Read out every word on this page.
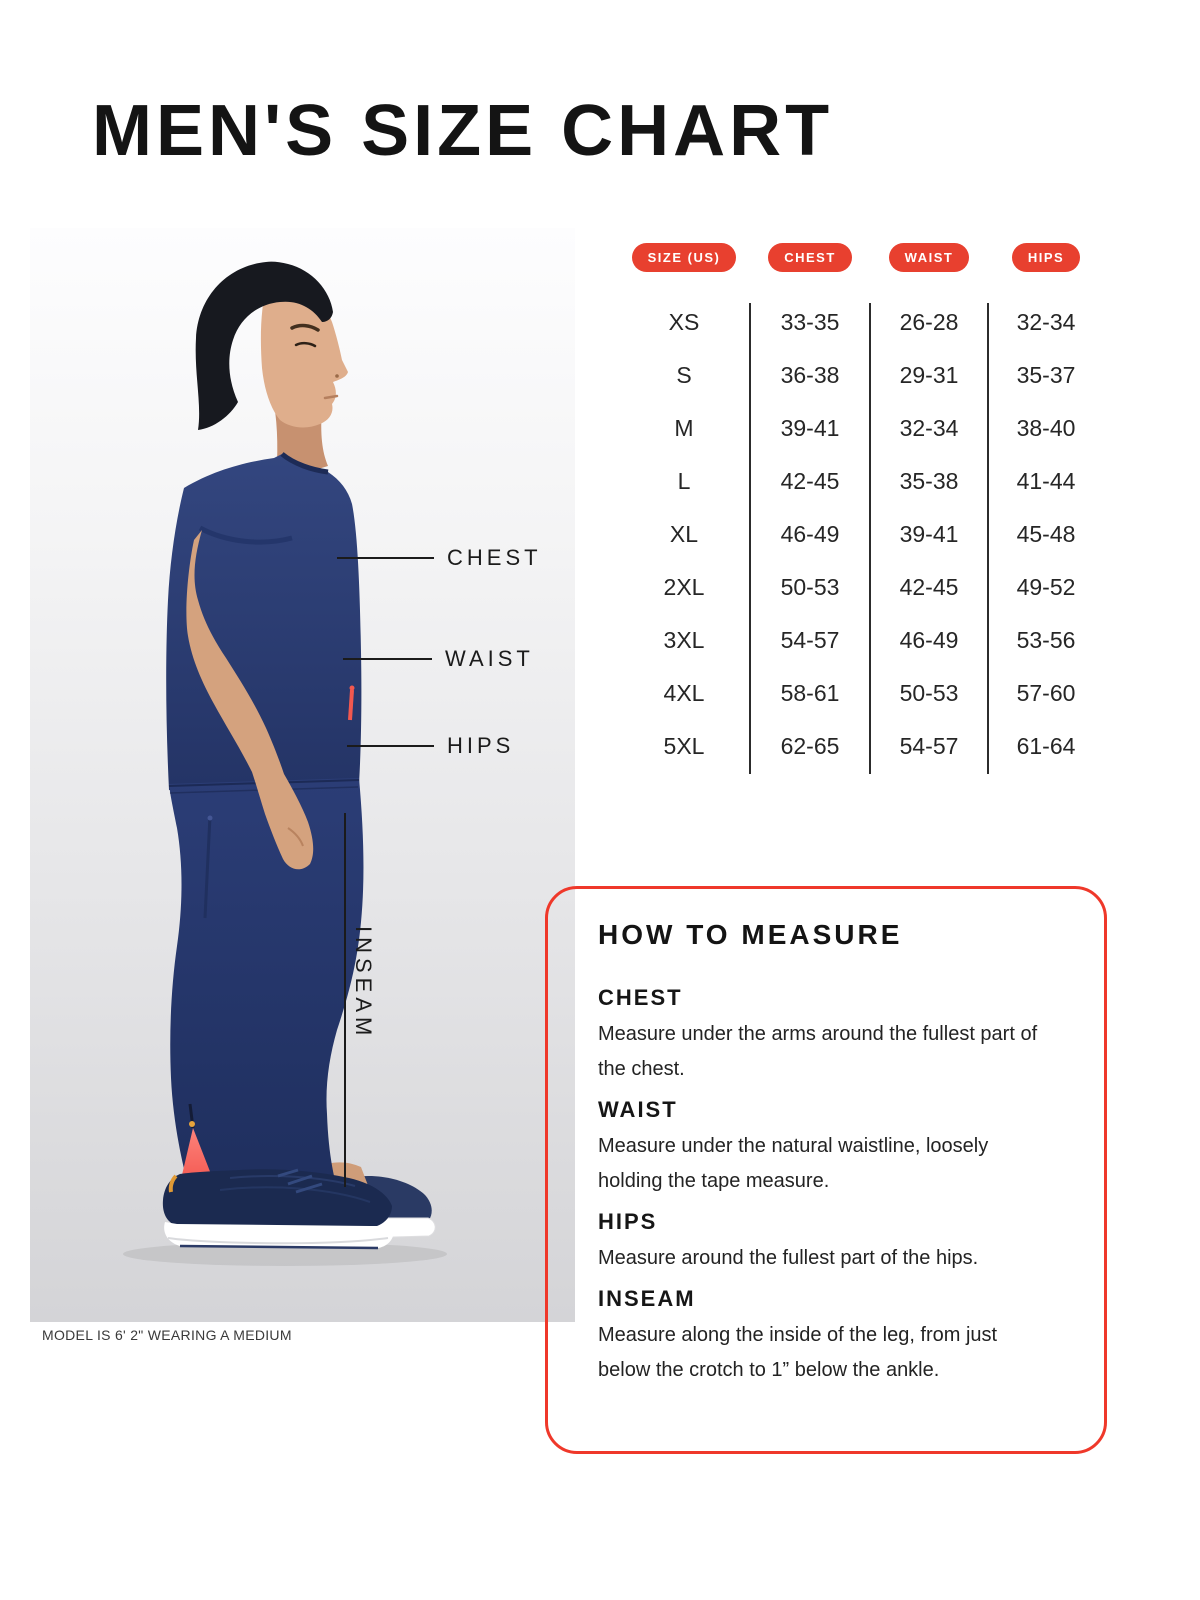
MEN'S SIZE CHART
CHEST
WAIST
HIPS
INSEAM
MODEL IS 6' 2" WEARING A MEDIUM
SIZE (US)	CHEST	WAIST	HIPS
XS	33-35	26-28	32-34
S	36-38	29-31	35-37
M	39-41	32-34	38-40
L	42-45	35-38	41-44
XL	46-49	39-41	45-48
2XL	50-53	42-45	49-52
3XL	54-57	46-49	53-56
4XL	58-61	50-53	57-60
5XL	62-65	54-57	61-64
HOW TO MEASURE
CHEST
Measure under the arms around the fullest part of the chest.
WAIST
Measure under the natural waistline, loosely holding the tape measure.
HIPS
Measure around the fullest part of the hips.
INSEAM
Measure along the inside of the leg, from just below the crotch to 1” below the ankle.
